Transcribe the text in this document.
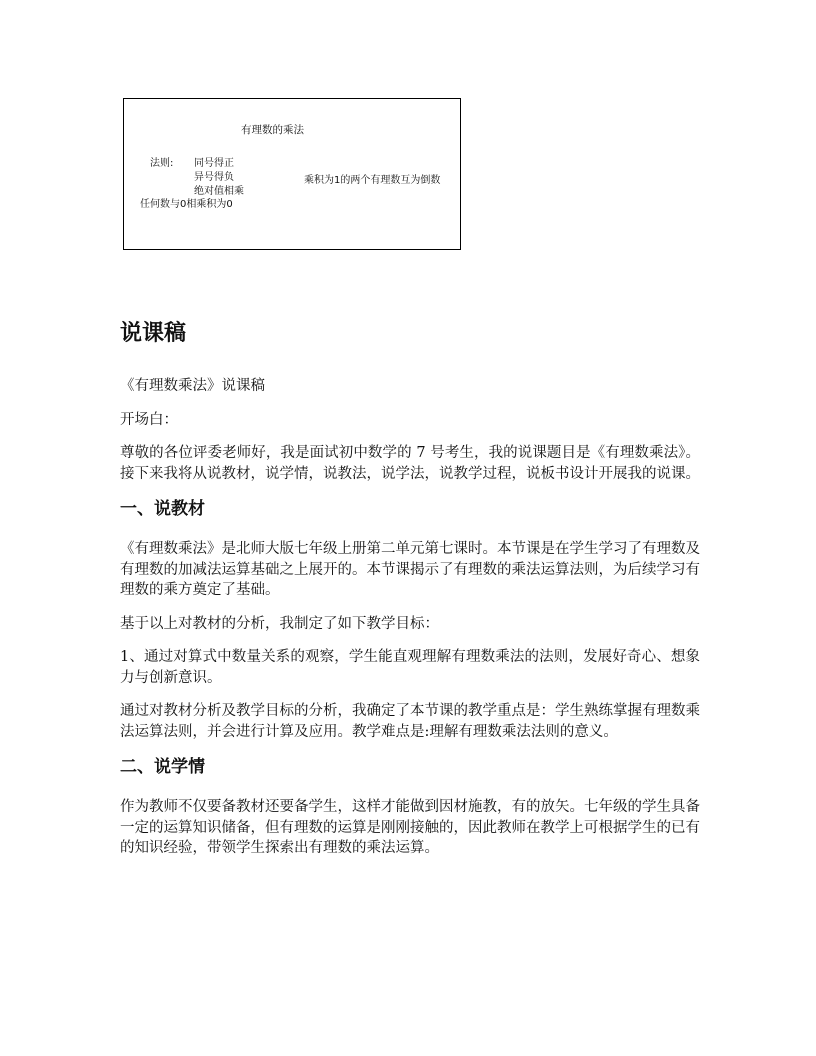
有理数的乘法
法则: 同号得正
异号得负
绝对值相乘
任何数与0相乘积为0
乘积为1的两个有理数互为倒数
说课稿

《有理数乘法》说课稿

开场白：

尊敬的各位评委老师好，我是面试初中数学的 7 号考生，我的说课题目是《有理数乘法》。接下来我将从说教材，说学情，说教法，说学法，说教学过程，说板书设计开展我的说课。

一、说教材

《有理数乘法》是北师大版七年级上册第二单元第七课时。本节课是在学生学习了有理数及有理数的加减法运算基础之上展开的。本节课揭示了有理数的乘法运算法则，为后续学习有理数的乘方奠定了基础。

基于以上对教材的分析，我制定了如下教学目标：

1、通过对算式中数量关系的观察，学生能直观理解有理数乘法的法则，发展好奇心、想象力与创新意识。

通过对教材分析及教学目标的分析，我确定了本节课的教学重点是：学生熟练掌握有理数乘法运算法则，并会进行计算及应用。教学难点是:理解有理数乘法法则的意义。

二、说学情

作为教师不仅要备教材还要备学生，这样才能做到因材施教，有的放矢。七年级的学生具备一定的运算知识储备，但有理数的运算是刚刚接触的，因此教师在教学上可根据学生的已有的知识经验，带领学生探索出有理数的乘法运算。
